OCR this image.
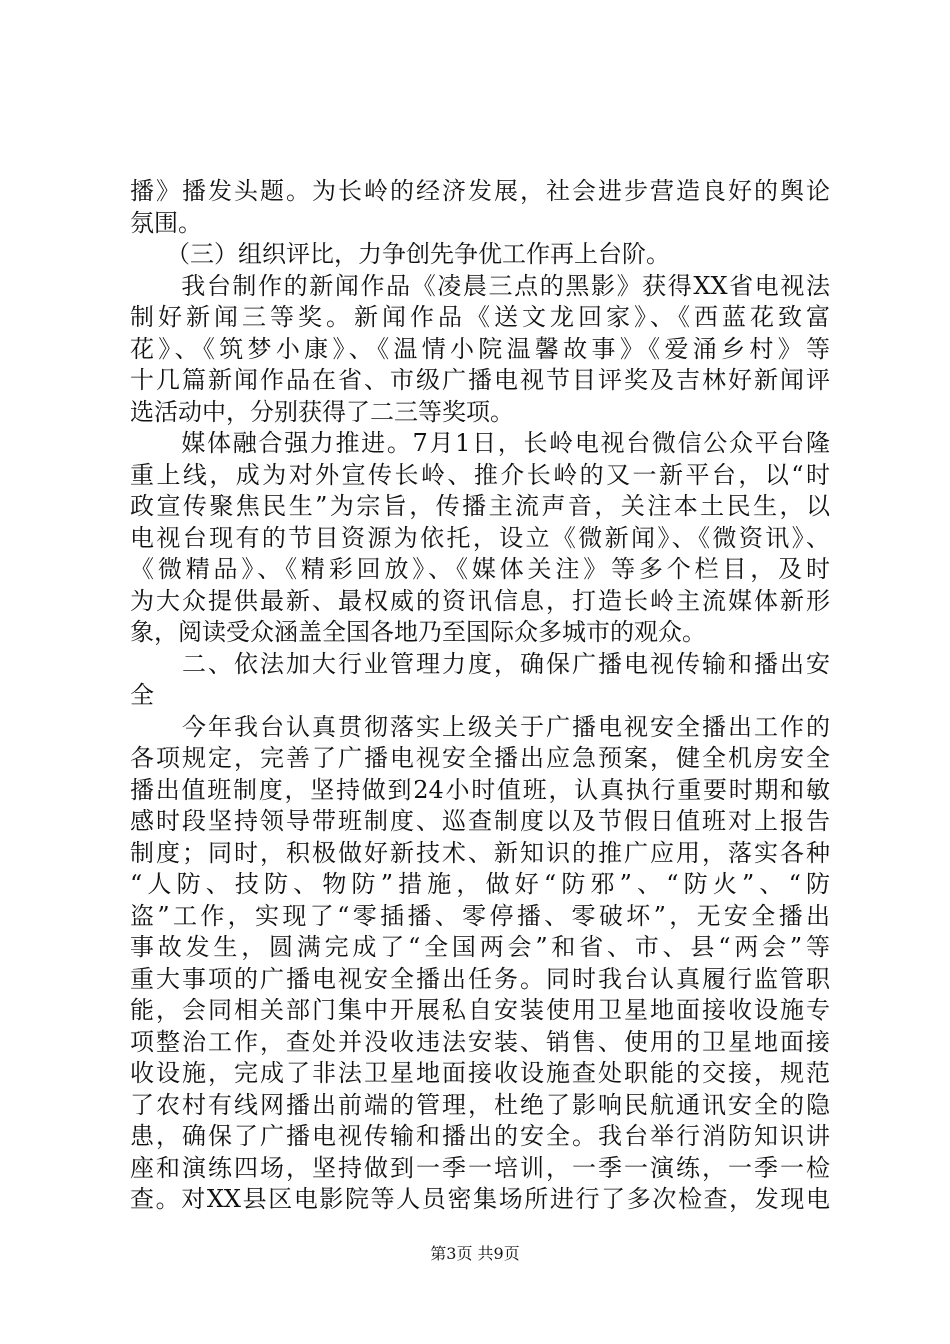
播》播发头题。为长岭的经济发展，社会进步营造良好的舆论
氛围。
　　（三）组织评比，力争创先争优工作再上台阶。
　　我台制作的新闻作品《凌晨三点的黑影》获得XX省电视法
制好新闻三等奖。新闻作品《送文龙回家》、《西蓝花致富
花》、《筑梦小康》、《温情小院温馨故事》《爱涌乡村》等
十几篇新闻作品在省、市级广播电视节目评奖及吉林好新闻评
选活动中，分别获得了二三等奖项。
　　媒体融合强力推进。7月1日，长岭电视台微信公众平台隆
重上线，成为对外宣传长岭、推介长岭的又一新平台，以“时
政宣传聚焦民生”为宗旨，传播主流声音，关注本土民生，以
电视台现有的节目资源为依托，设立《微新闻》、《微资讯》、
《微精品》、《精彩回放》、《媒体关注》等多个栏目，及时
为大众提供最新、最权威的资讯信息，打造长岭主流媒体新形
象，阅读受众涵盖全国各地乃至国际众多城市的观众。
　　二、依法加大行业管理力度，确保广播电视传输和播出安
全
　　今年我台认真贯彻落实上级关于广播电视安全播出工作的
各项规定，完善了广播电视安全播出应急预案，健全机房安全
播出值班制度，坚持做到24小时值班，认真执行重要时期和敏
感时段坚持领导带班制度、巡查制度以及节假日值班对上报告
制度；同时，积极做好新技术、新知识的推广应用，落实各种
“人防、技防、物防”措施，做好“防邪”、“防火”、“防
盗”工作，实现了“零插播、零停播、零破坏”，无安全播出
事故发生，圆满完成了“全国两会”和省、市、县“两会”等
重大事项的广播电视安全播出任务。同时我台认真履行监管职
能，会同相关部门集中开展私自安装使用卫星地面接收设施专
项整治工作，查处并没收违法安装、销售、使用的卫星地面接
收设施，完成了非法卫星地面接收设施查处职能的交接，规范
了农村有线网播出前端的管理，杜绝了影响民航通讯安全的隐
患，确保了广播电视传输和播出的安全。我台举行消防知识讲
座和演练四场，坚持做到一季一培训，一季一演练，一季一检
查。对XX县区电影院等人员密集场所进行了多次检查，发现电
第3页 共9页
